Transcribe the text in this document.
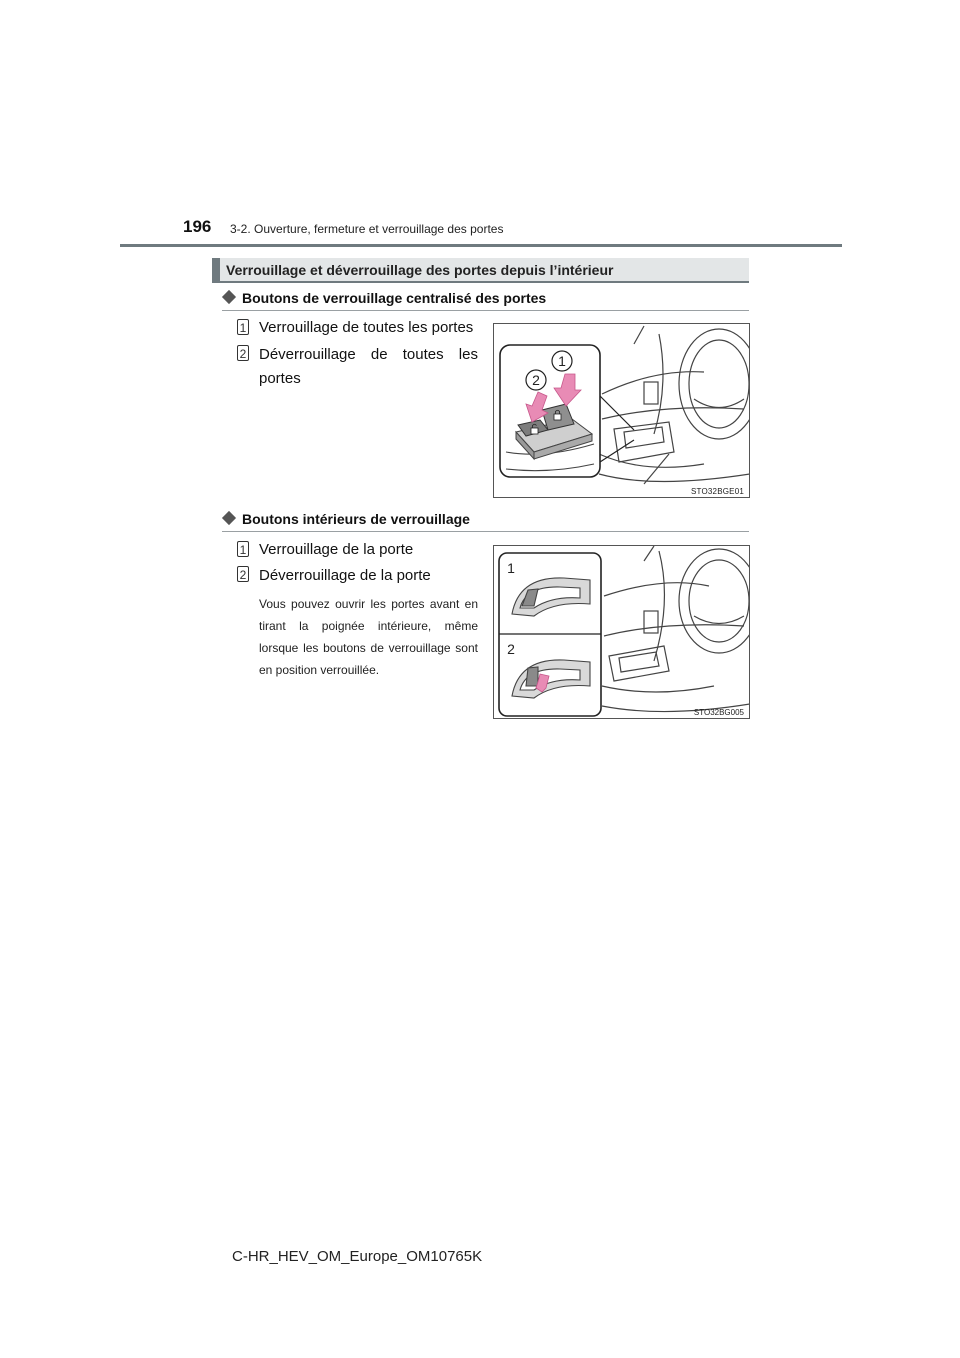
196 3-2. Ouverture, fermeture et verrouillage des portes
Verrouillage et déverrouillage des portes depuis l’intérieur
Boutons de verrouillage centralisé des portes
1 Verrouillage de toutes les portes
2 Déverrouillage de toutes les
portes
1
2
STO32BGE01
Boutons intérieurs de verrouillage
1 Verrouillage de la porte
2 Déverrouillage de la porte
Vous pouvez ouvrir les portes avant en tirant la poignée intérieure, même lorsque les boutons de verrouillage sont en position verrouillée.
1
2
STO32BG005
C-HR_HEV_OM_Europe_OM10765K
